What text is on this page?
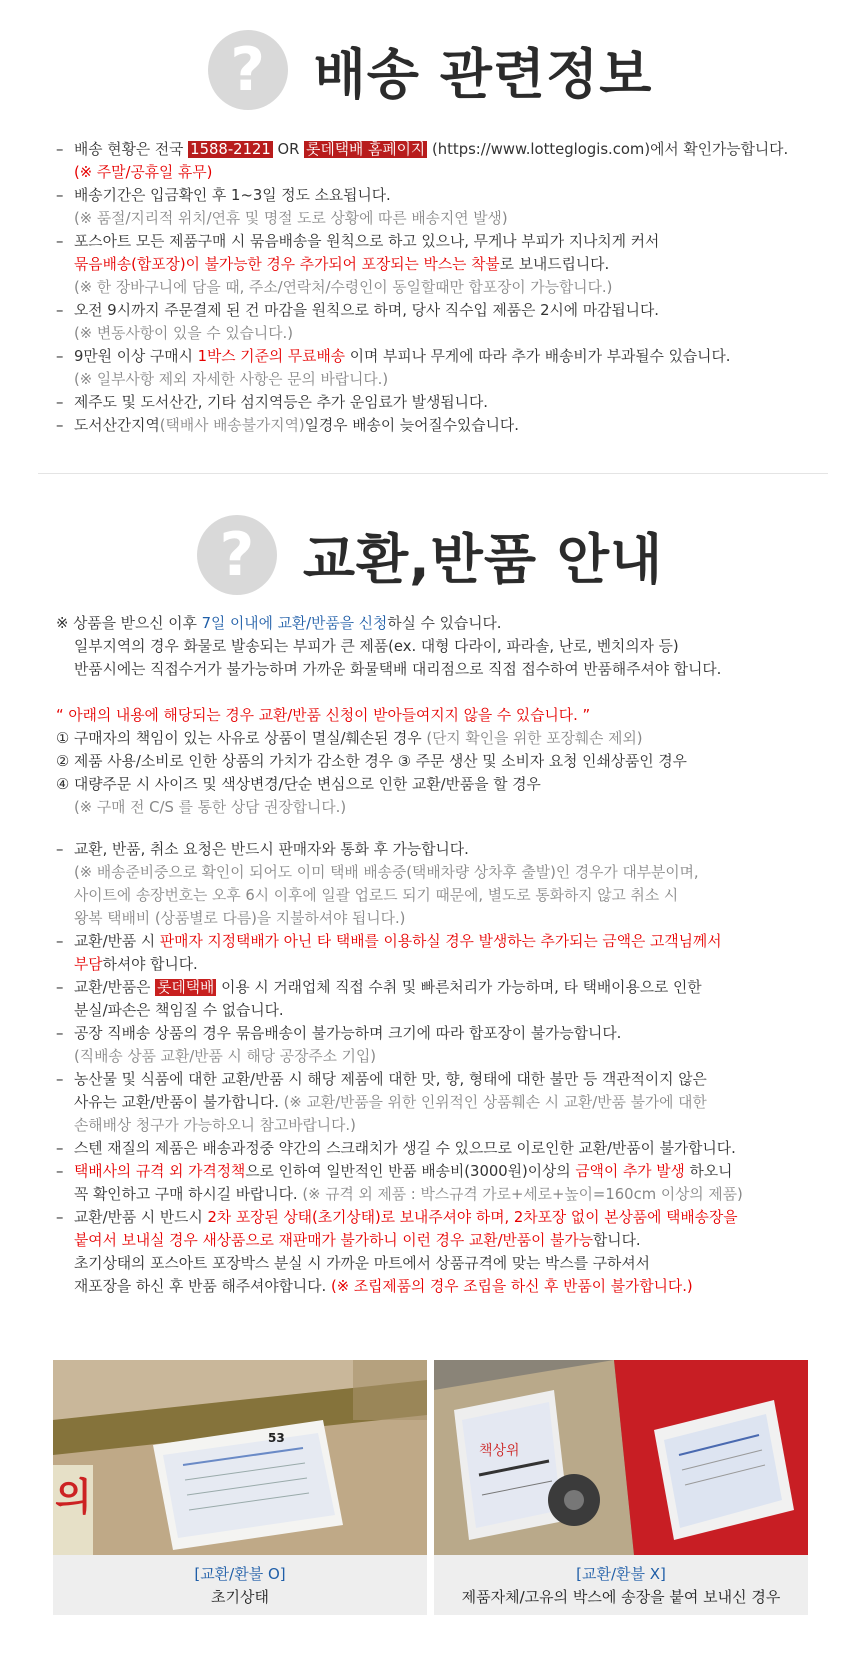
? 배송 관련정보
– 배송 현황은 전국 1588-2121 OR 롯데택배 홈페이지 (https://www.lotteglogis.com)에서 확인가능합니다.
(※ 주말/공휴일 휴무)
– 배송기간은 입금확인 후 1~3일 정도 소요됩니다.
(※ 품절/지리적 위치/연휴 및 명절 도로 상황에 따른 배송지연 발생)
– 포스아트 모든 제품구매 시 묶음배송을 원칙으로 하고 있으나, 무게나 부피가 지나치게 커서
묶음배송(합포장)이 불가능한 경우 추가되어 포장되는 박스는 착불로 보내드립니다.
(※ 한 장바구니에 담을 때, 주소/연락처/수령인이 동일할때만 합포장이 가능합니다.)
– 오전 9시까지 주문결제 된 건 마감을 원칙으로 하며, 당사 직수입 제품은 2시에 마감됩니다.
(※ 변동사항이 있을 수 있습니다.)
– 9만원 이상 구매시 1박스 기준의 무료배송 이며 부피나 무게에 따라 추가 배송비가 부과될수 있습니다.
(※ 일부사항 제외 자세한 사항은 문의 바랍니다.)
– 제주도 및 도서산간, 기타 섬지역등은 추가 운임료가 발생됩니다.
– 도서산간지역(택배사 배송불가지역)일경우 배송이 늦어질수있습니다.
? 교환,반품 안내
※ 상품을 받으신 이후 7일 이내에 교환/반품을 신청하실 수 있습니다.
일부지역의 경우 화물로 발송되는 부피가 큰 제품(ex. 대형 다라이, 파라솔, 난로, 벤치의자 등)
반품시에는 직접수거가 불가능하며 가까운 화물택배 대리점으로 직접 접수하여 반품해주셔야 합니다.

“ 아래의 내용에 해당되는 경우 교환/반품 신청이 받아들여지지 않을 수 있습니다. ”
① 구매자의 책임이 있는 사유로 상품이 멸실/훼손된 경우 (단지 확인을 위한 포장훼손 제외)
② 제품 사용/소비로 인한 상품의 가치가 감소한 경우 ③ 주문 생산 및 소비자 요청 인쇄상품인 경우
④ 대량주문 시 사이즈 및 색상변경/단순 변심으로 인한 교환/반품을 할 경우
(※ 구매 전 C/S 를 통한 상담 권장합니다.)
– 교환, 반품, 취소 요청은 반드시 판매자와 통화 후 가능합니다.
(※ 배송준비중으로 확인이 되어도 이미 택배 배송중(택배차량 상차후 출발)인 경우가 대부분이며,
사이트에 송장번호는 오후 6시 이후에 일괄 업로드 되기 때문에, 별도로 통화하지 않고 취소 시
왕복 택배비 (상품별로 다름)을 지불하셔야 됩니다.)
– 교환/반품 시 판매자 지정택배가 아닌 타 택배를 이용하실 경우 발생하는 추가되는 금액은 고객님께서
부담하셔야 합니다.
– 교환/반품은 롯데택배 이용 시 거래업체 직접 수취 및 빠른처리가 가능하며, 타 택배이용으로 인한
분실/파손은 책임질 수 없습니다.
– 공장 직배송 상품의 경우 묶음배송이 불가능하며 크기에 따라 합포장이 불가능합니다.
(직배송 상품 교환/반품 시 해당 공장주소 기입)
– 농산물 및 식품에 대한 교환/반품 시 해당 제품에 대한 맛, 향, 형태에 대한 불만 등 객관적이지 않은
사유는 교환/반품이 불가합니다. (※ 교환/반품을 위한 인위적인 상품훼손 시 교환/반품 불가에 대한
손해배상 청구가 가능하오니 참고바랍니다.)
– 스텐 재질의 제품은 배송과정중 약간의 스크래치가 생길 수 있으므로 이로인한 교환/반품이 불가합니다.
– 택배사의 규격 외 가격정책으로 인하여 일반적인 반품 배송비(3000원)이상의 금액이 추가 발생 하오니
꼭 확인하고 구매 하시길 바랍니다. (※ 규격 외 제품 : 박스규격 가로+세로+높이=160cm 이상의 제품)
– 교환/반품 시 반드시 2차 포장된 상태(초기상태)로 보내주셔야 하며, 2차포장 없이 본상품에 택배송장을
붙여서 보내실 경우 새상품으로 재판매가 불가하니 이런 경우 교환/반품이 불가능합니다.
초기상태의 포스아트 포장박스 분실 시 가까운 마트에서 상품규격에 맞는 박스를 구하셔서
재포장을 하신 후 반품 해주셔야합니다. (※ 조립제품의 경우 조립을 하신 후 반품이 불가합니다.)
의
53
[교환/환불 O]
초기상태
책상위
[교환/환불 X]
제품자체/고유의 박스에 송장을 붙여 보내신 경우
